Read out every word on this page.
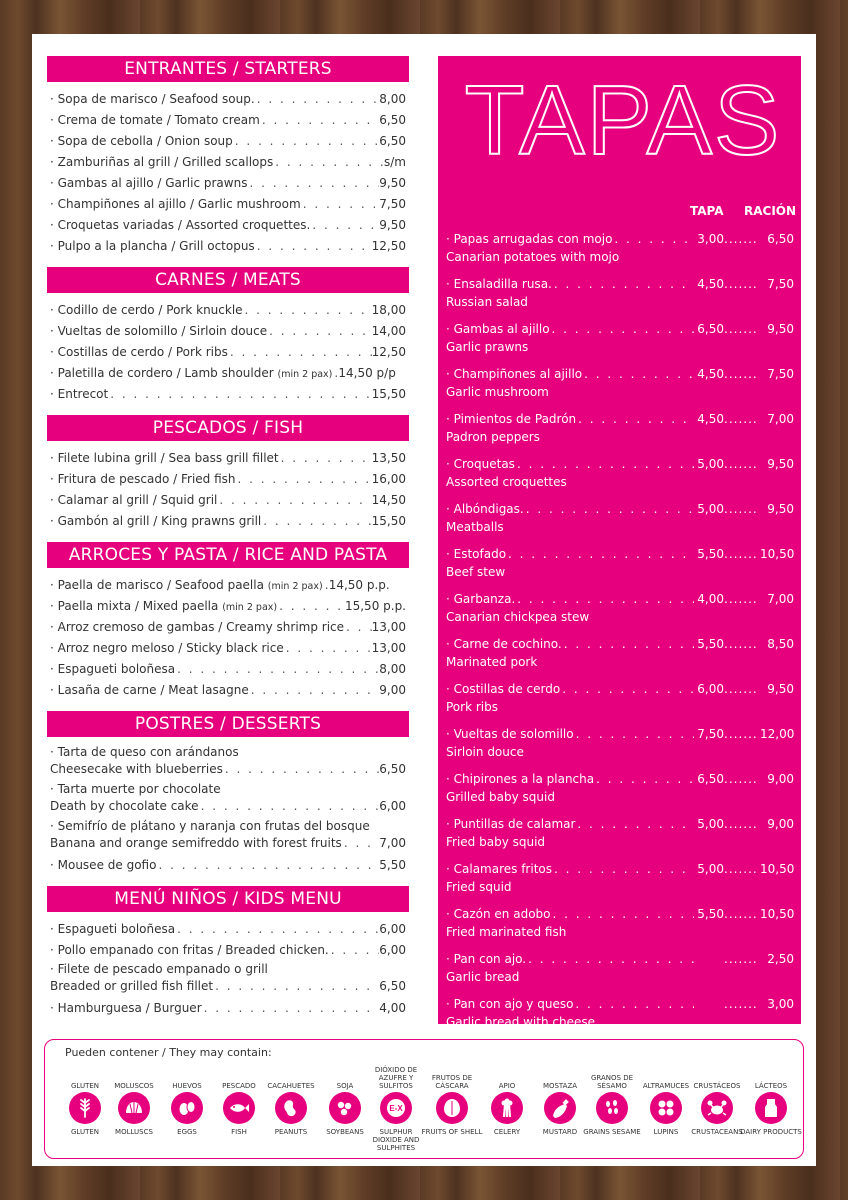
ENTRANTES / STARTERS
· Sopa de marisco / Seafood soup. . . .	8,00
· Crema de tomate / Tomato cream . . .	6,50
· Sopa de cebolla / Onion soup . . .	6,50
· Zamburiñas al grill / Grilled scallops . . .	s/m
· Gambas al ajillo / Garlic prawns . . .	9,50
· Champiñones al ajillo / Garlic mushroom . . .	7,50
· Croquetas variadas / Assorted croquettes. . . .	9,50
· Pulpo a la plancha / Grill octopus . . .	12,50
CARNES / MEATS
· Codillo de cerdo / Pork knuckle . . .	18,00
· Vueltas de solomillo / Sirloin douce . . .	14,00
· Costillas de cerdo / Pork ribs . . .	12,50
· Paletilla de cordero / Lamb shoulder (min 2 pax) . . . 14,50 p/p
· Entrecot . . .	15,50
PESCADOS / FISH
· Filete lubina grill / Sea bass grill fillet . . .	13,50
· Fritura de pescado / Fried fish . . .	16,00
· Calamar al grill / Squid gril . . .	14,50
· Gambón al grill / King prawns grill . . .	15,50
ARROCES Y PASTA / RICE AND PASTA
· Paella de marisco / Seafood paella (min 2 pax) . . . 14,50 p.p.
· Paella mixta / Mixed paella (min 2 pax) . . .	15,50 p.p.
· Arroz cremoso de gambas / Creamy shrimp rice . . . 13,00
· Arroz negro meloso / Sticky black rice . . .	13,00
· Espagueti boloñesa . . .	8,00
· Lasaña de carne / Meat lasagne . . .	9,00
POSTRES / DESSERTS
· Tarta de queso con arándanos
Cheesecake with blueberries . . .	6,50
· Tarta muerte por chocolate
Death by chocolate cake . . .	6,00
· Semifrío de plátano y naranja con frutas del bosque
Banana and orange semifreddo with forest fruits . . .	7,00
· Mousee de gofio . . .	5,50
MENÚ NIÑOS / KIDS MENU
· Espagueti boloñesa . . .	6,00
· Pollo empanado con fritas / Breaded chicken. . . .	6,00
· Filete de pescado empanado o grill
Breaded or grilled fish fillet . . .	6,50
· Hamburguesa / Burguer . . .	4,00
TAPAS
TAPA RACIÓN
· Papas arrugadas con mojo . . .	3,00 .......	6,50
Canarian potatoes with mojo
· Ensaladilla rusa. . . .	4,50 .......	7,50
Russian salad
· Gambas al ajillo . . .	6,50 .......	9,50
Garlic prawns
· Champiñones al ajillo . . .	4,50 .......	7,50
Garlic mushroom
· Pimientos de Padrón . . .	4,50 .......	7,00
Padron peppers
· Croquetas . . .	5,00 .......	9,50
Assorted croquettes
· Albóndigas. . . .	5,00 .......	9,50
Meatballs
· Estofado . . .	5,50 .......	10,50
Beef stew
· Garbanza. . . .	4,00 .......	7,00
Canarian chickpea stew
· Carne de cochino. . . .	5,50 .......	8,50
Marinated pork
· Costillas de cerdo . . .	6,00 .......	9,50
Pork ribs
· Vueltas de solomillo . . .	7,50 .......	12,00
Sirloin douce
· Chipirones a la plancha . . .	6,50 .......	9,00
Grilled baby squid
· Puntillas de calamar . . .	5,00 .......	9,00
Fried baby squid
· Calamares fritos . . .	5,00 .......	10,50
Fried squid
· Cazón en adobo . . .	5,50 .......	10,50
Fried marinated fish
· Pan con ajo. . . . .......	2,50
Garlic bread
· Pan con ajo y queso . . . .......	3,00
Garlic bread with cheese
Pueden contener / They may contain:
GLUTEN
GLUTEN
MOLUSCOS
MOLLUSCS
HUEVOS
EGGS
PESCADO
FISH
CACAHUETES
PEANUTS
SOJA
SOYBEANS
DIÓXIDO DE AZUFRE Y SULFITOS
E-X
SULPHUR DIOXIDE AND SULPHITES
FRUTOS DE CÁSCARA
FRUITS OF SHELL
APIO
CELERY
MOSTAZA
MUSTARD
GRANOS DE SÉSAMO
GRAINS SESAME
ALTRAMUCES
LUPINS
CRUSTÁCEOS
CRUSTACEANS
LÁCTEOS
DAIRY PRODUCTS
